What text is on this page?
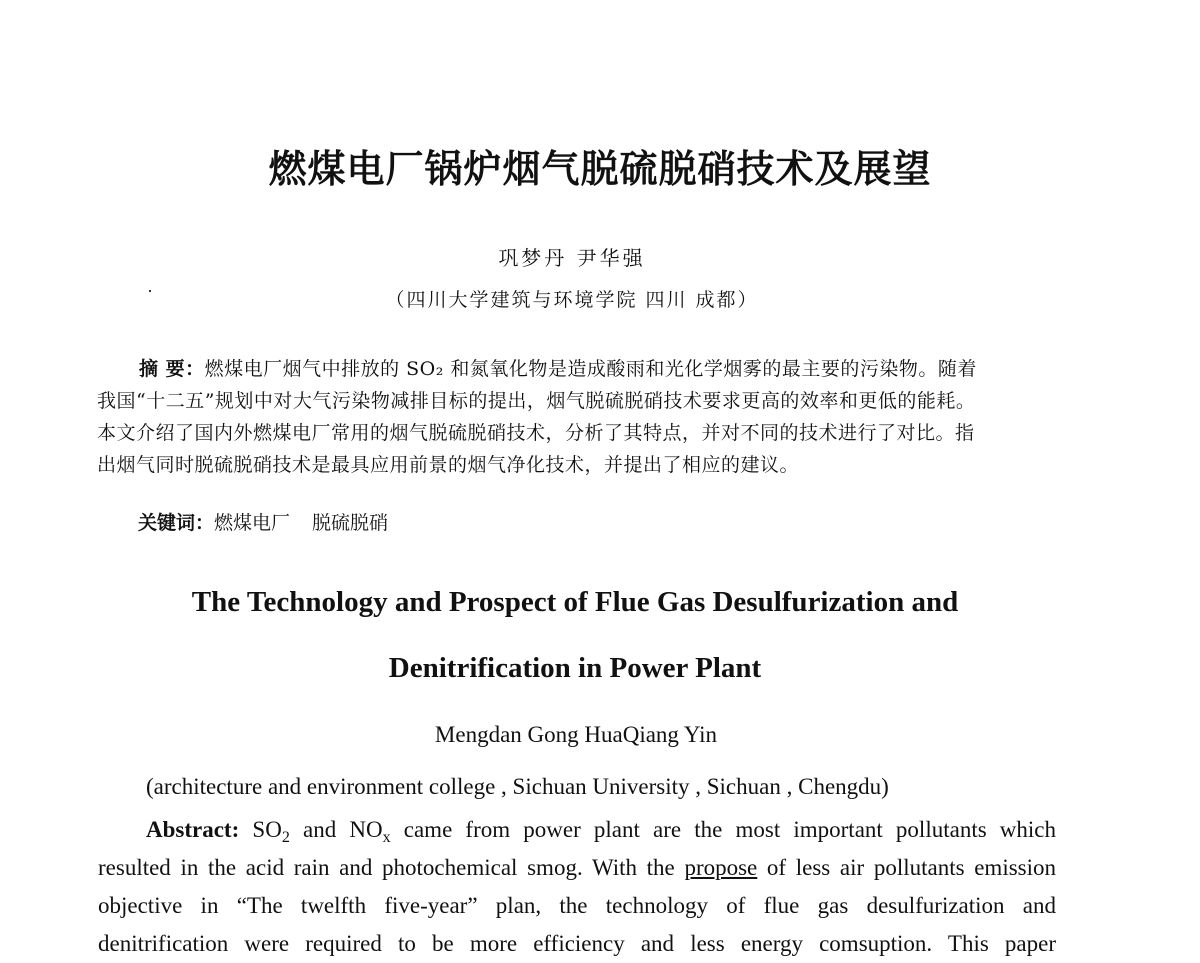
燃煤电厂锅炉烟气脱硫脱硝技术及展望
巩梦丹 尹华强
（四川大学建筑与环境学院 四川 成都）
摘 要：燃煤电厂烟气中排放的 SO₂ 和氮氧化物是造成酸雨和光化学烟雾的最主要的污染物。随着
我国“十二五”规划中对大气污染物减排目标的提出，烟气脱硫脱硝技术要求更高的效率和更低的能耗。
本文介绍了国内外燃煤电厂常用的烟气脱硫脱硝技术，分析了其特点，并对不同的技术进行了对比。指
出烟气同时脱硫脱硝技术是最具应用前景的烟气净化技术，并提出了相应的建议。
关键词：燃煤电厂 脱硫脱硝
The Technology and Prospect of Flue Gas Desulfurization and
Denitrification in Power Plant
Mengdan Gong HuaQiang Yin
(architecture and environment college , Sichuan University , Sichuan , Chengdu)
Abstract: $SO_2$ and $NO_x$ came from power plant are the most important pollutants which
resulted in the acid rain and photochemical smog. With the propose of less air pollutants emission
objective in “The twelfth five-year” plan, the technology of flue gas desulfurization and
denitrification were required to be more efficiency and less energy comsuption. This paper
